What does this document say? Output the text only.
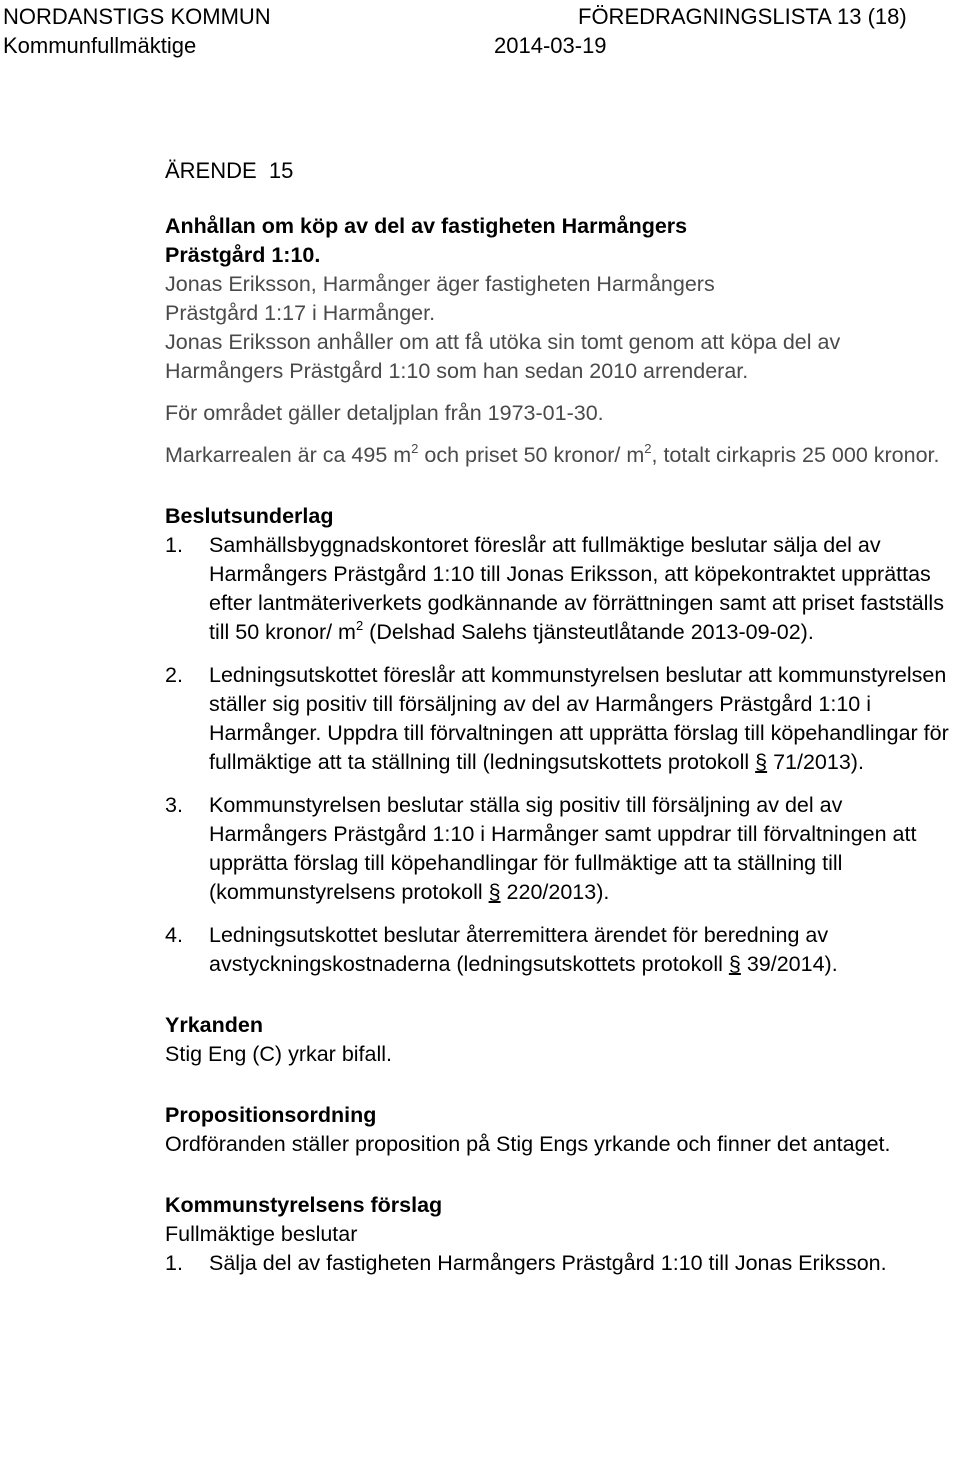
NORDANSTIGS KOMMUN	FÖREDRAGNINGSLISTA 13 (18)
Kommunfullmäktige	2014-03-19

ÄRENDE  15

Anhållan om köp av del av fastigheten Harmångers

Prästgård 1:10.

Jonas Eriksson, Harmånger äger fastigheten Harmångers

Prästgård 1:17 i Harmånger.

Jonas Eriksson anhåller om att få utöka sin tomt genom att köpa del av Harmångers Prästgård 1:10 som han sedan 2010 arrenderar.

För området gäller detaljplan från 1973-01-30.

Markarrealen är ca 495 $m^2$ och priset 50 kronor/ $m^2$, totalt cirkapris 25 000 kronor.

Beslutsunderlag

1. Samhällsbyggnadskontoret föreslår att fullmäktige beslutar sälja del av Harmångers Prästgård 1:10 till Jonas Eriksson, att köpekontraktet upprättas efter lantmäteriverkets godkännande av förrättningen samt att priset fastställs till 50 kronor/ $m^2$ (Delshad Salehs tjänsteutlåtande 2013-09-02).
2. Ledningsutskottet föreslår att kommunstyrelsen beslutar att kommunstyrelsen ställer sig positiv till försäljning av del av Harmångers Prästgård 1:10 i Harmånger. Uppdra till förvaltningen att upprätta förslag till köpehandlingar för fullmäktige att ta ställning till (ledningsutskottets protokoll § 71/2013).
3. Kommunstyrelsen beslutar ställa sig positiv till försäljning av del av Harmångers Prästgård 1:10 i Harmånger samt uppdrar till förvaltningen att upprätta förslag till köpehandlingar för fullmäktige att ta ställning till (kommunstyrelsens protokoll § 220/2013).
4. Ledningsutskottet beslutar återremittera ärendet för beredning av avstyckningskostnaderna (ledningsutskottets protokoll § 39/2014).

Yrkanden

Stig Eng (C) yrkar bifall.

Propositionsordning

Ordföranden ställer proposition på Stig Engs yrkande och finner det antaget.

Kommunstyrelsens förslag

Fullmäktige beslutar

1. Sälja del av fastigheten Harmångers Prästgård 1:10 till Jonas Eriksson.
